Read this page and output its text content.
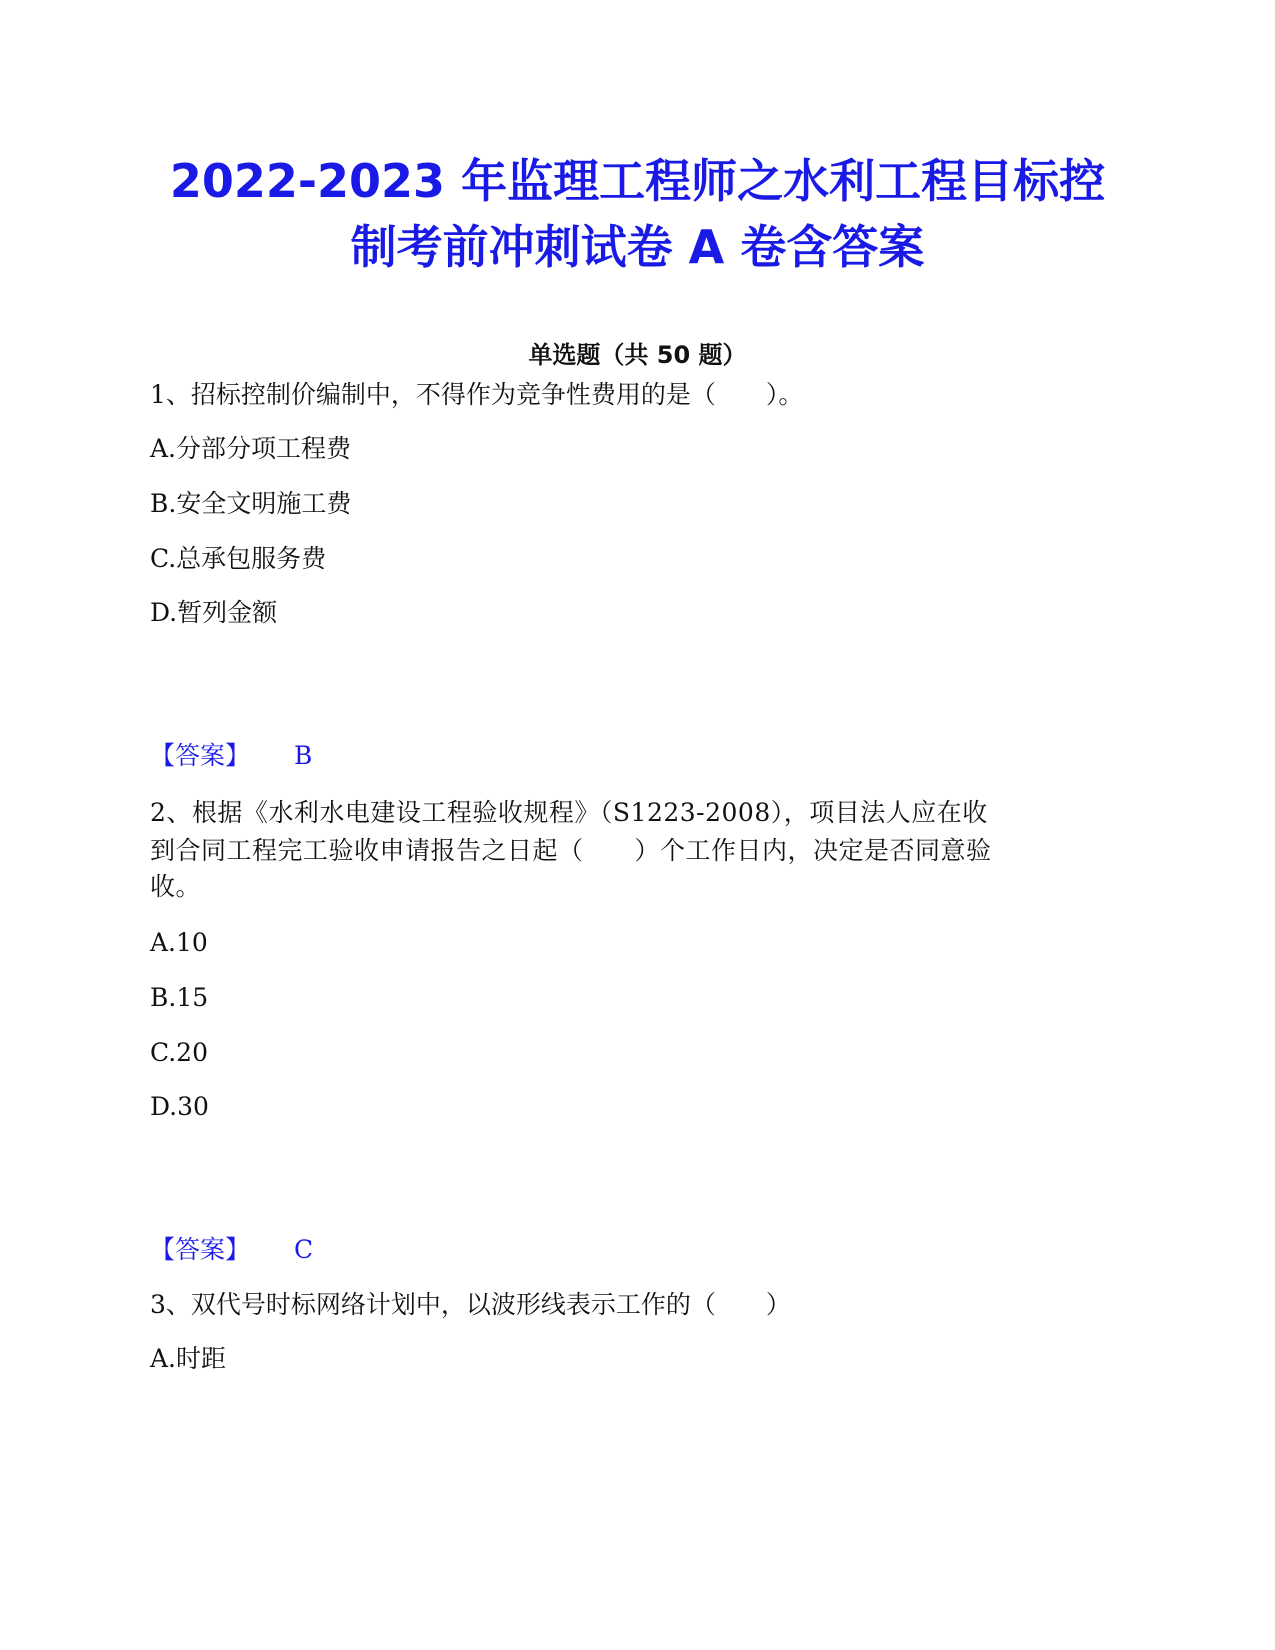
2022-2023 年监理工程师之水利工程目标控
制考前冲刺试卷 A 卷含答案
单选题（共 50 题）
1、招标控制价编制中，不得作为竞争性费用的是（　　）。
A.分部分项工程费
B.安全文明施工费
C.总承包服务费
D.暂列金额
【答案】 B
2、根据《水利水电建设工程验收规程》（S1223-2008），项目法人应在收
到合同工程完工验收申请报告之日起（　　）个工作日内，决定是否同意验
收。
A.10
B.15
C.20
D.30
【答案】 C
3、双代号时标网络计划中，以波形线表示工作的（　　）
A.时距
